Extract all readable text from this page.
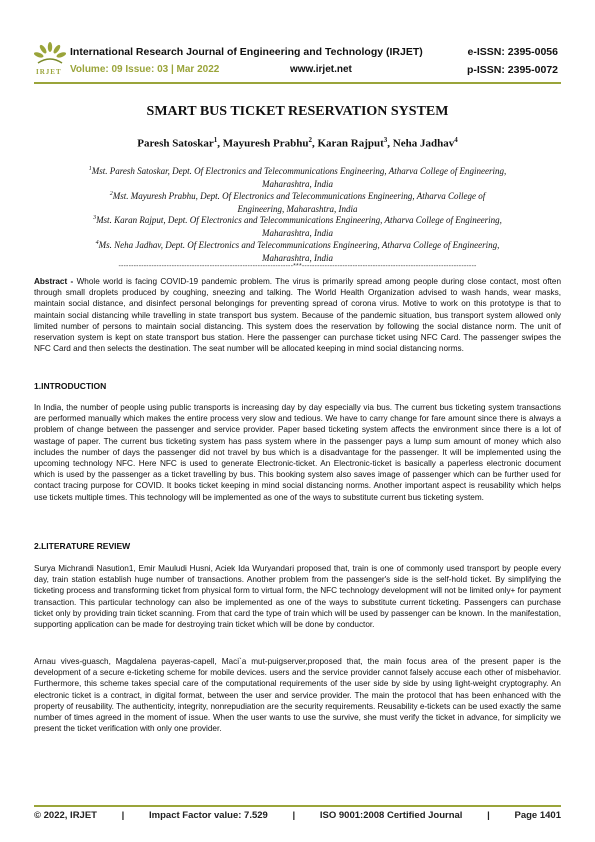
IRJET
International Research Journal of Engineering and Technology (IRJET)
Volume: 09 Issue: 03 | Mar 2022	www.irjet.net
e-ISSN: 2395-0056
p-ISSN: 2395-0072
SMART BUS TICKET RESERVATION SYSTEM
Paresh Satoskar$^1$, Mayuresh Prabhu$^2$, Karan Rajput$^3$, Neha Jadhav$^4$
$^1$Mst. Paresh Satoskar, Dept. Of Electronics and Telecommunications Engineering, Atharva College of Engineering,
Maharashtra, India
$^2$Mst. Mayuresh Prabhu, Dept. Of Electronics and Telecommunications Engineering, Atharva College of
Engineering, Maharashtra, India
$^3$Mst. Karan Rajput, Dept. Of Electronics and Telecommunications Engineering, Atharva College of Engineering,
Maharashtra, India
$^4$Ms. Neha Jadhav, Dept. Of Electronics and Telecommunications Engineering, Atharva College of Engineering,
Maharashtra, India
---------------------------------------------------------------------***---------------------------------------------------------------------
Abstract - Whole world is facing COVID-19 pandemic problem. The virus is primarily spread among people during close contact, most often through small droplets produced by coughing, sneezing and talking. The World Health Organization advised to wash hands, wear masks, maintain social distance, and disinfect personal belongings for preventing spread of corona virus. Motive to work on this prototype is that to maintain social distancing while travelling in state transport bus system. Because of the pandemic situation, bus transport system allowed only limited number of persons to maintain social distancing. This system does the reservation by following the social distance norm. The unit of reservation system is kept on state transport bus station. Here the passenger can purchase ticket using NFC Card. The passenger swipes the NFC Card and then selects the destination. The seat number will be allocated keeping in mind social distancing norms.
1.INTRODUCTION
In India, the number of people using public transports is increasing day by day especially via bus. The current bus ticketing system transactions are performed manually which makes the entire process very slow and tedious. We have to carry change for fare amount since there is always a problem of change between the passenger and service provider. Paper based ticketing system affects the environment since there is a lot of wastage of paper. The current bus ticketing system has pass system where in the passenger pays a lump sum amount of money which also includes the number of days the passenger did not travel by bus which is a disadvantage for the passenger. It will be implemented using the upcoming technology NFC. Here NFC is used to generate Electronic-ticket. An Electronic-ticket is basically a paperless electronic document which is used by the passenger as a ticket travelling by bus. This booking system also saves image of passenger which can be further used for contact tracing purpose for COVID. It books ticket keeping in mind social distancing norms. Another important aspect is reusability which helps use tickets multiple times. This technology will be implemented as one of the ways to substitute current bus ticketing system.
2.LITERATURE REVIEW
Surya Michrandi Nasution1, Emir Mauludi Husni, Aciek Ida Wuryandari proposed that, train is one of commonly used transport by people every day, train station establish huge number of transactions. Another problem from the passenger's side is the self-hold ticket. By simplifying the ticketing process and transforming ticket from physical form to virtual form, the NFC technology development will not be limited only+ for payment transaction. This particular technology can also be implemented as one of the ways to substitute current ticketing. Passengers can purchase ticket only by providing train ticket scanning. From that card the type of train which will be used by passenger can be known. In the manifestation, supporting application can be made for destroying train ticket which will be done by conductor.
Arnau vives-guasch, Magdalena payeras-capell, Maci`a mut-puigserver,proposed that, the main focus area of the present paper is the development of a secure e-ticketing scheme for mobile devices. users and the service provider cannot falsely accuse each other of misbehavior. Furthermore, this scheme takes special care of the computational requirements of the user side by side by using light-weight cryptography. An electronic ticket is a contract, in digital format, between the user and service provider. The main the protocol that has been enhanced with the property of reusability. The authenticity, integrity, nonrepudiation are the security requirements. Reusability e-tickets can be used exactly the same number of times agreed in the moment of issue. When the user wants to use the survive, she must verify the ticket in advance, for simplicity we present the ticket verification with only one provider.
© 2022, IRJET	|	Impact Factor value: 7.529	|	ISO 9001:2008 Certified Journal	|	Page 1401
